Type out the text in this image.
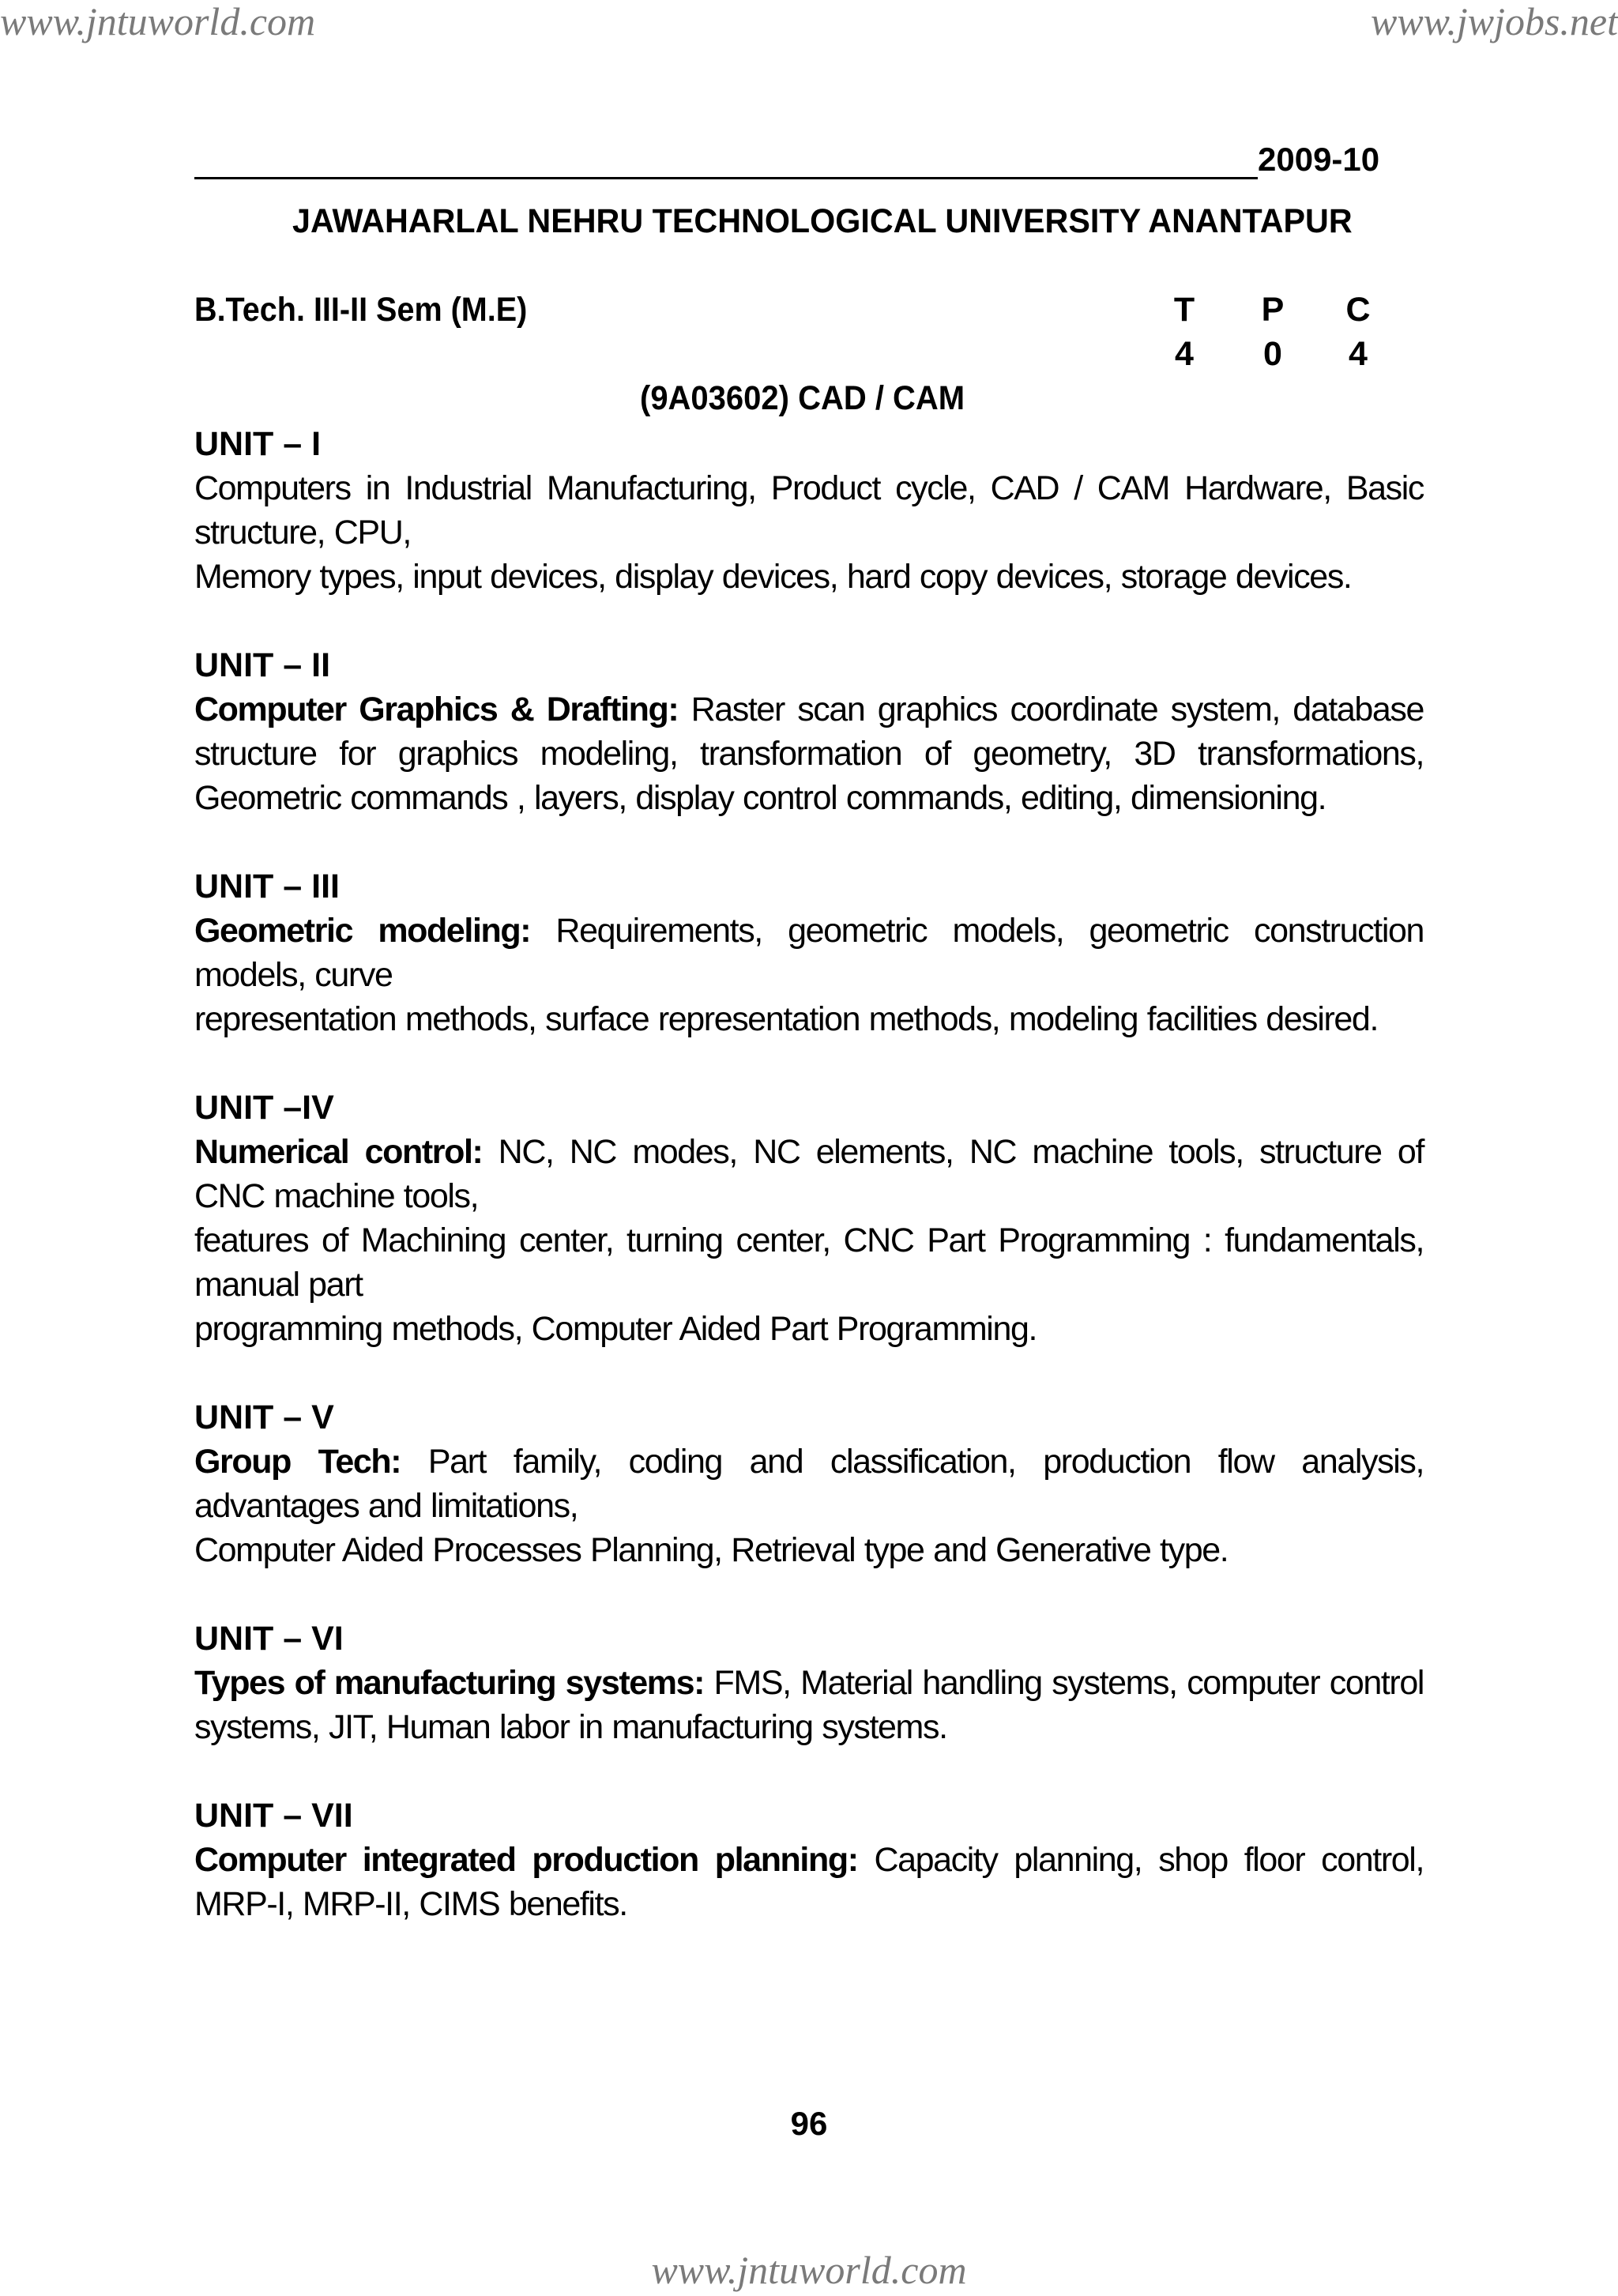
www.jntuworld.com	www.jwjobs.net
2009-10
JAWAHARLAL NEHRU TECHNOLOGICAL UNIVERSITY ANANTAPUR
B.Tech. III-II Sem (M.E)	T P C
4	0	4
(9A03602) CAD / CAM
UNIT – I
Computers in Industrial Manufacturing, Product cycle, CAD / CAM Hardware, Basic structure, CPU,
Memory types, input devices, display devices, hard copy devices, storage devices.
UNIT – II
Computer Graphics & Drafting: Raster scan graphics coordinate system, database structure for graphics modeling, transformation of geometry, 3D transformations, Geometric commands , layers, display control commands, editing, dimensioning.
UNIT – III
Geometric modeling: Requirements, geometric models, geometric construction models, curve
representation methods, surface representation methods, modeling facilities desired.
UNIT –IV
Numerical control: NC, NC modes, NC elements, NC machine tools, structure of CNC machine tools,
features of Machining center, turning center, CNC Part Programming : fundamentals, manual part
programming methods, Computer Aided Part Programming.
UNIT – V
Group Tech: Part family, coding and classification, production flow analysis, advantages and limitations,
Computer Aided Processes Planning, Retrieval type and Generative type.
UNIT – VI
Types of manufacturing systems: FMS, Material handling systems, computer control systems, JIT, Human labor in manufacturing systems.
UNIT – VII
Computer integrated production planning: Capacity planning, shop floor control, MRP-I, MRP-II, CIMS benefits.
96
www.jntuworld.com
